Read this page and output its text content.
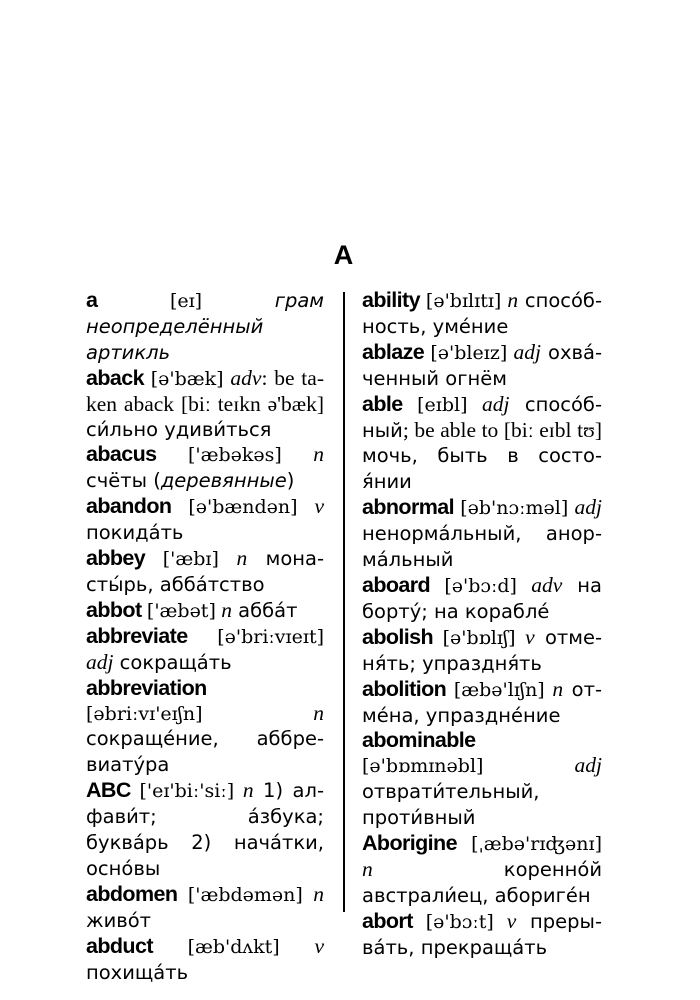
A
a	[eɪ]	грам неопределённый артикль
aback [ə'bæk] adv: be taken aback [biː teɪkn ə'bæk] си́льно удиви́ться
abacus ['æbəkəs] n счёты (деревянные)
abandon [ə'bændən] v покида́ть
abbey ['æbɪ] n монасты́рь, абба́тство
abbot ['æbət] n абба́т
abbreviate [ə'briːvɪeɪt] adj сокраща́ть
abbreviation [əbriːvɪ'eɪʃn]	n сокраще́ние, аббревиату́ра
ABC ['eɪ'biː'siː] n 1) алфави́т; а́збука; буква́рь 2) нача́тки, осно́вы
abdomen ['æbdəmən] n живо́т
abduct [æb'dʌkt] v похища́ть
ability [ə'bɪlɪtɪ] n спосо́бность, уме́ние
ablaze [ə'bleɪz] adj охва́ченный огнём
able [eɪbl] adj спосо́бный; be able to [biː eɪbl tʊ] мочь, быть в состоя́нии
abnormal [əb'nɔːməl] adj ненорма́льный, анорма́льный
aboard [ə'bɔːd] adv на борту́; на корабле́
abolish [ə'bɒlɪʃ] v отменя́ть; упраздня́ть
abolition [æbə'lɪʃn] n отме́на, упраздне́ние
abominable [ə'bɒmɪnəbl]	adj отврати́тельный, проти́вный
Aborigine [ˌæbə'rɪʤənɪ] n коренно́й австрали́ец, абориге́н
abort [ə'bɔːt] v прерыва́ть, прекраща́ть
